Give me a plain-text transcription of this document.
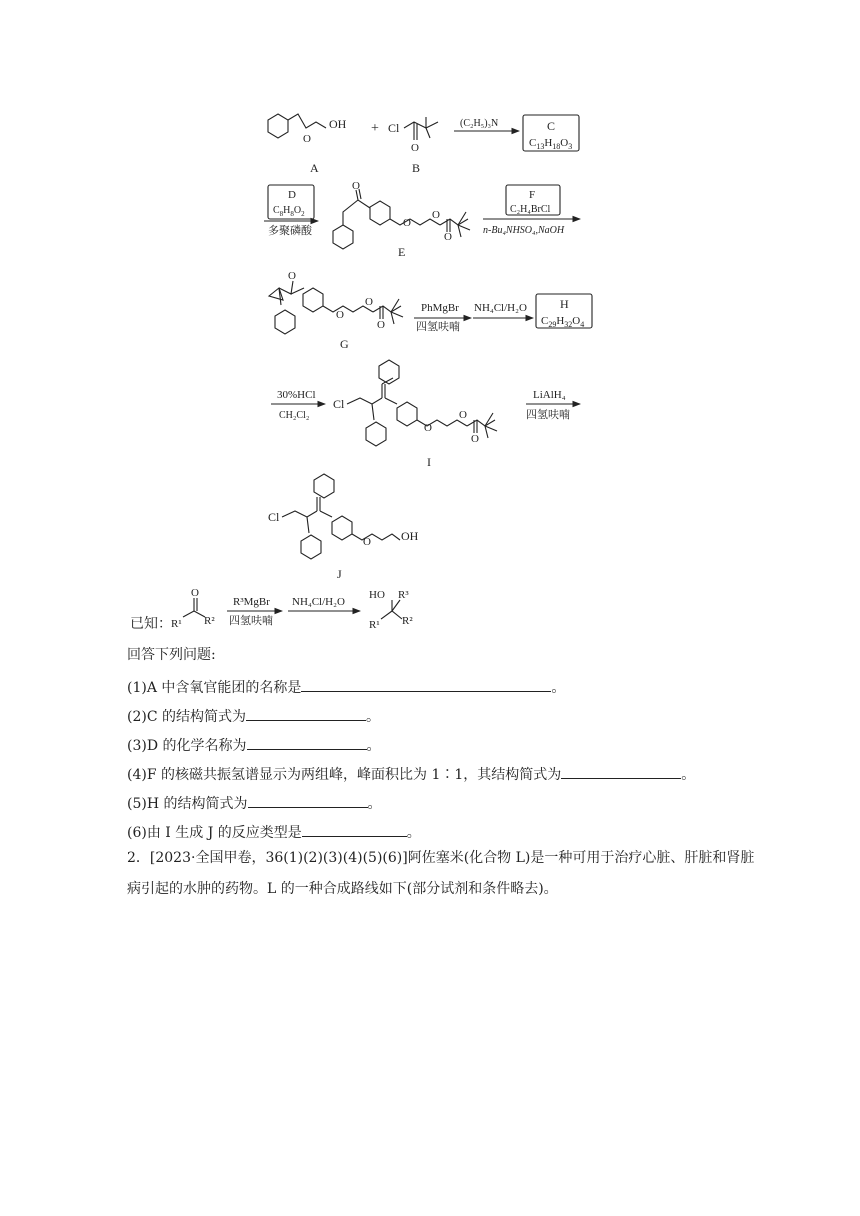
OH
O
A
+ Cl
O
B
(C₂H₅)₃N	C
$C_{13}H_{18}O_3$
D
$C_8H_8O_2$
多聚磷酸
O
O
O
O
E
F
C₂H₄BrCl
n-Bu₄NHSO₄,NaOH
O
O
O
O
G
PhMgBr
四氢呋喃
NH₄Cl/H₂O	H
$C_{29}H_{32}O_4$
30%HCl
CH₂Cl₂
Cl
O
O
O
I
LiAlH₄
四氢呋喃
Cl
O	OH
J
已知：
O
R¹ R²
R³MgBr
四氢呋喃
NH₄Cl/H₂O
HO R³
R¹ R²
回答下列问题:
(1)A 中含氧官能团的名称是	。
(2)C 的结构简式为	。
(3)D 的化学名称为	。
(4)F 的核磁共振氢谱显示为两组峰，峰面积比为 1∶1，其结构简式为	。
(5)H 的结构简式为	。
(6)由 I 生成 J 的反应类型是	。
2．[2023·全国甲卷，36(1)(2)(3)(4)(5)(6)]阿佐塞米(化合物 L)是一种可用于治疗心脏、肝脏和肾脏病引起的水肿的药物。L 的一种合成路线如下(部分试剂和条件略去)。
